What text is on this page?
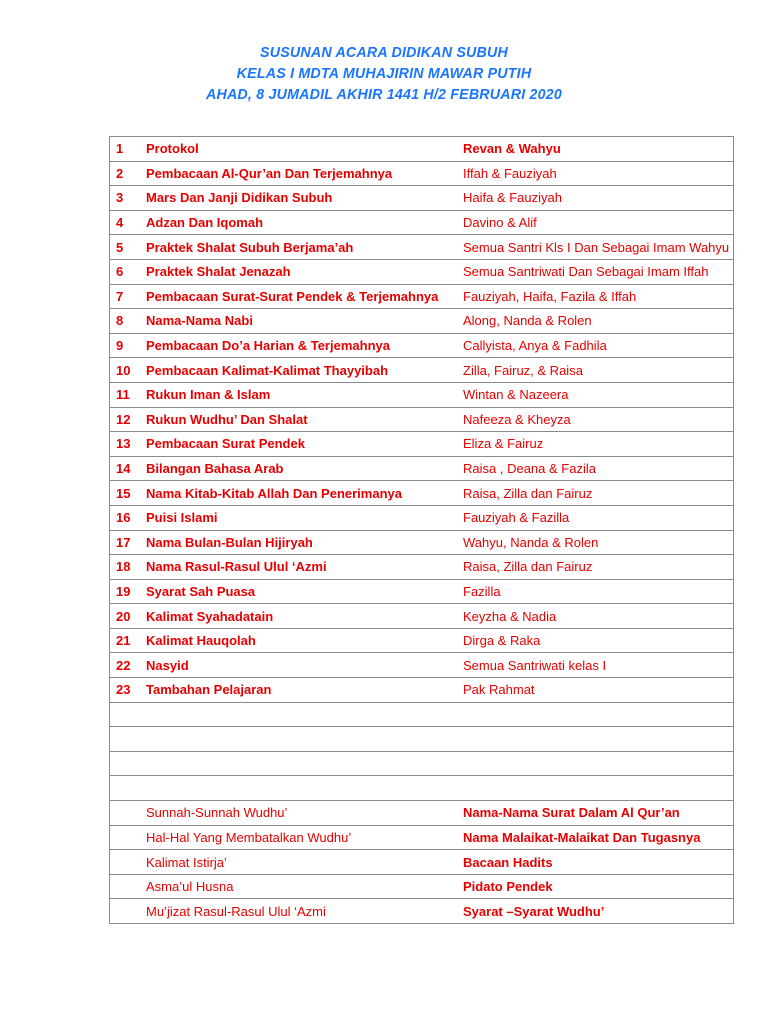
SUSUNAN ACARA DIDIKAN SUBUH
KELAS I MDTA MUHAJIRIN MAWAR PUTIH
AHAD, 8 JUMADIL AKHIR 1441 H/2 FEBRUARI 2020
1	Protokol	Revan & Wahyu
2	Pembacaan Al-Qur’an Dan Terjemahnya	Iffah & Fauziyah
3	Mars Dan Janji Didikan Subuh	Haifa & Fauziyah
4	Adzan Dan Iqomah	Davino & Alif
5	Praktek Shalat Subuh Berjama’ah	Semua Santri Kls I Dan Sebagai Imam Wahyu
6	Praktek Shalat Jenazah	Semua Santriwati Dan Sebagai Imam Iffah
7	Pembacaan Surat-Surat Pendek & Terjemahnya	Fauziyah, Haifa, Fazila & Iffah
8	Nama-Nama Nabi	Along, Nanda & Rolen
9	Pembacaan Do’a Harian & Terjemahnya	Callyista, Anya & Fadhila
10	Pembacaan Kalimat-Kalimat Thayyibah	Zilla, Fairuz, & Raisa
11	Rukun Iman & Islam	Wintan & Nazeera
12	Rukun Wudhu’ Dan Shalat	Nafeeza & Kheyza
13	Pembacaan Surat Pendek	Eliza & Fairuz
14	Bilangan Bahasa Arab	Raisa , Deana & Fazila
15	Nama Kitab-Kitab Allah Dan Penerimanya	Raisa, Zilla dan Fairuz
16	Puisi Islami	Fauziyah & Fazilla
17	Nama Bulan-Bulan Hijiryah	Wahyu, Nanda & Rolen
18	Nama Rasul-Rasul Ulul ‘Azmi	Raisa, Zilla dan Fairuz
19	Syarat Sah Puasa	Fazilla
20	Kalimat Syahadatain	Keyzha & Nadia
21	Kalimat Hauqolah	Dirga & Raka
22	Nasyid	Semua Santriwati kelas I
23	Tambahan Pelajaran	Pak Rahmat

	Sunnah-Sunnah Wudhu’	Nama-Nama Surat Dalam Al Qur’an
	Hal-Hal Yang Membatalkan Wudhu’	Nama Malaikat-Malaikat Dan Tugasnya
	Kalimat Istirja’	Bacaan Hadits
	Asma’ul Husna	Pidato Pendek
	Mu’jizat Rasul-Rasul Ulul ‘Azmi	Syarat –Syarat Wudhu’
